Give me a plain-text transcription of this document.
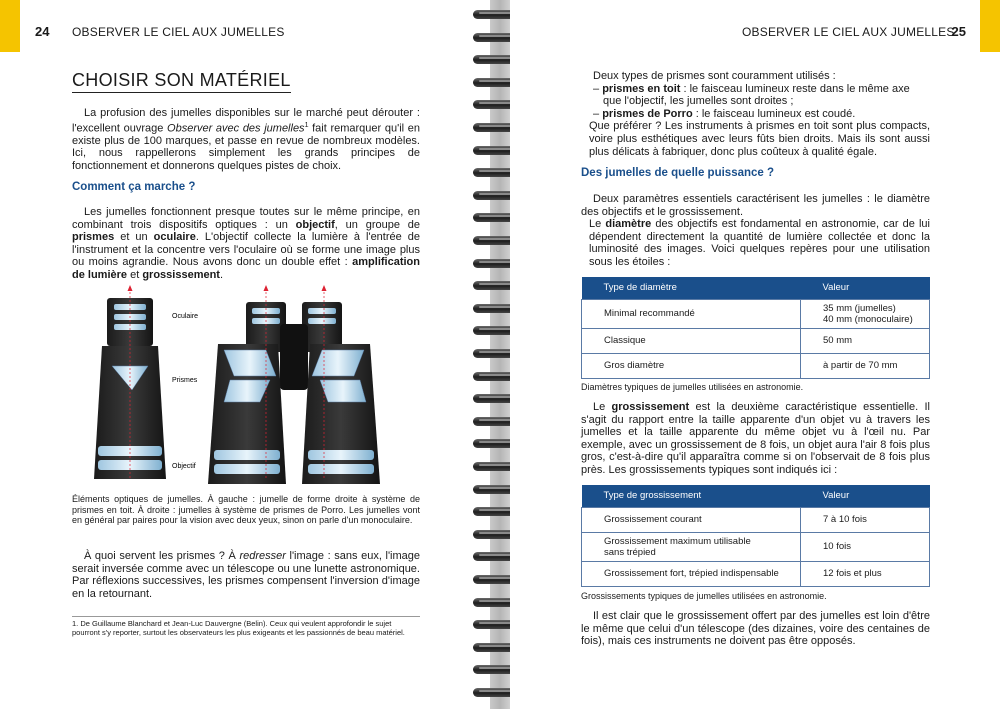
24 OBSERVER LE CIEL AUX JUMELLES
CHOISIR SON MATÉRIEL

La profusion des jumelles disponibles sur le marché peut dérouter : l'excellent ouvrage Observer avec des jumelles$^1$ fait remarquer qu'il en existe plus de 100 marques, et passe en revue de nombreux modèles. Ici, nous rappellerons simplement les grands principes de fonctionnement et donnerons quelques pistes de choix.

Comment ça marche ?

Les jumelles fonctionnent presque toutes sur le même principe, en combinant trois dispositifs optiques : un objectif, un groupe de prismes et un oculaire. L'objectif collecte la lumière à l'entrée de l'instrument et la concentre vers l'oculaire où se forme une image plus ou moins agrandie. Nous avons donc un double effet : amplification de lumière et grossissement.

Oculaire
Prismes
Objectif
Éléments optiques de jumelles. À gauche : jumelle de forme droite à système de prismes en toit. À droite : jumelles à système de prismes de Porro. Les jumelles vont en général par paires pour la vision avec deux yeux, sinon on parle d'un monoculaire.

À quoi servent les prismes ? À redresser l'image : sans eux, l'image serait inversée comme avec un télescope ou une lunette astronomique. Par réflexions successives, les prismes compensent l'inversion d'image en la retournant.

1. De Guillaume Blanchard et Jean-Luc Dauvergne (Belin). Ceux qui veulent approfondir le sujet pourront s'y reporter, surtout les observateurs les plus exigeants et les passionnés de beau matériel.
25
OBSERVER LE CIEL AUX JUMELLES

Deux types de prismes sont couramment utilisés :

– prismes en toit : le faisceau lumineux reste dans le même axe
que l'objectif, les jumelles sont droites ;
– prismes de Porro : le faisceau lumineux est coudé.
Que préférer ? Les instruments à prismes en toit sont plus compacts, voire plus esthétiques avec leurs fûts bien droits. Mais ils sont aussi plus délicats à fabriquer, donc plus coûteux à qualité égale.
Des jumelles de quelle puissance ?

Deux paramètres essentiels caractérisent les jumelles : le diamètre des objectifs et le grossissement.

Le diamètre des objectifs est fondamental en astronomie, car de lui dépendent directement la quantité de lumière collectée et donc la luminosité des images. Voici quelques repères pour une utilisation sous les étoiles :
Type de diamètre	Valeur
Minimal recommandé	35 mm (jumelles)
40 mm (monoculaire)

Classique	50 mm
Gros diamètre	à partir de 70 mm
Diamètres typiques de jumelles utilisées en astronomie.

Le grossissement est la deuxième caractéristique essentielle. Il s'agit du rapport entre la taille apparente d'un objet vu à travers les jumelles et la taille apparente du même objet vu à l'œil nu. Par exemple, avec un grossissement de 8 fois, un objet aura l'air 8 fois plus gros, c'est-à-dire qu'il apparaîtra comme si on l'observait de 8 fois plus près. Les grossissements typiques sont indiqués ici :

Type de grossissement	Valeur
Grossissement courant	7 à 10 fois

Grossissement maximum utilisable
sans trépied	10 fois
Grossissement fort, trépied indispensable	12 fois et plus
Grossissements typiques de jumelles utilisées en astronomie.

Il est clair que le grossissement offert par des jumelles est loin d'être le même que celui d'un télescope (des dizaines, voire des centaines de fois), mais ces instruments ne doivent pas être opposés.
